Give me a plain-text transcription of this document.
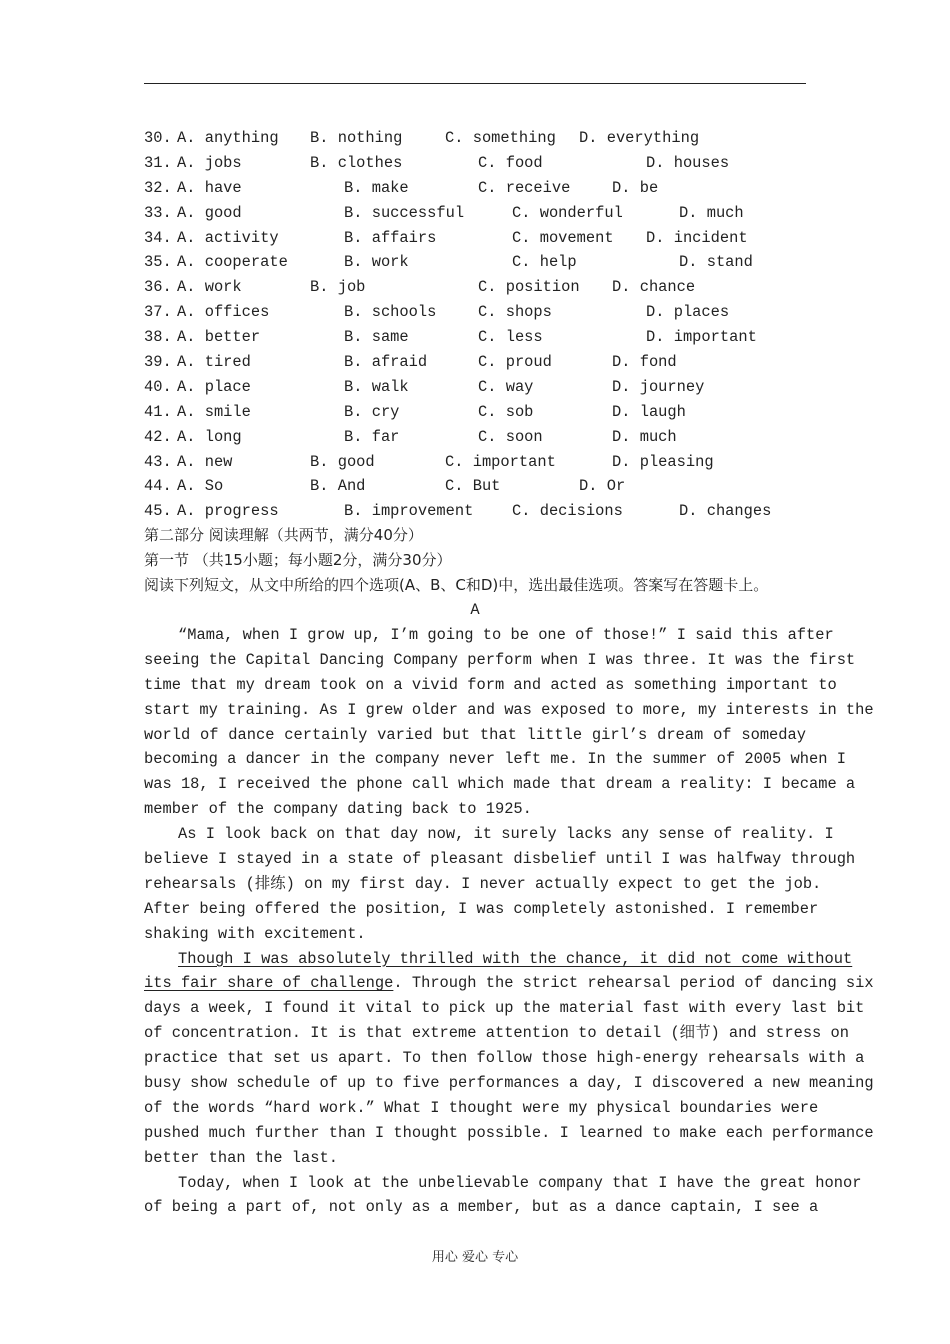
30. A. anything B. nothing	C. something D. everything
31. A. jobs	B. clothes	C. food	D. houses
32. A. have	B. make	C. receive	D. be
33. A. good	B. successful	C. wonderful	D. much
34. A. activity	B. affairs	C. movement D. incident
35. A. cooperate	B. work	C. help	D. stand
36. A. work	B. job	C. position D. chance
37. A. offices	B. schools	C. shops	D. places
38. A. better	B. same	C. less	D. important
39. A. tired	B. afraid	C. proud	D. fond
40. A. place	B. walk	C. way	D. journey
41. A. smile	B. cry	C. sob	D. laugh
42. A. long	B. far	C. soon	D. much
43. A. new	B. good	C. important	D. pleasing
44. A. So	B. And	C. But	D. Or
45. A. progress	B. improvement	C. decisions	D. changes
第二部分 阅读理解（共两节，满分40分）
第一节 （共15小题；每小题2分，满分30分）
阅读下列短文，从文中所给的四个选项(A、B、C和D)中，选出最佳选项。答案写在答题卡上。
A
“Mama, when I grow up, I’m going to be one of those!” I said this after
seeing the Capital Dancing Company perform when I was three. It was the first
time that my dream took on a vivid form and acted as something important to
start my training. As I grew older and was exposed to more, my interests in the
world of dance certainly varied but that little girl’s dream of someday
becoming a dancer in the company never left me. In the summer of 2005 when I
was 18, I received the phone call which made that dream a reality: I became a
member of the company dating back to 1925.
As I look back on that day now, it surely lacks any sense of reality. I
believe I stayed in a state of pleasant disbelief until I was halfway through
rehearsals (排练) on my first day. I never actually expect to get the job.
After being offered the position, I was completely astonished. I remember
shaking with excitement.
Though I was absolutely thrilled with the chance, it did not come without
its fair share of challenge. Through the strict rehearsal period of dancing six
days a week, I found it vital to pick up the material fast with every last bit
of concentration. It is that extreme attention to detail (细节) and stress on
practice that set us apart. To then follow those high-energy rehearsals with a
busy show schedule of up to five performances a day, I discovered a new meaning
of the words “hard work.” What I thought were my physical boundaries were
pushed much further than I thought possible. I learned to make each performance
better than the last.
Today, when I look at the unbelievable company that I have the great honor
of being a part of, not only as a member, but as a dance captain, I see a
用心 爱心 专心
